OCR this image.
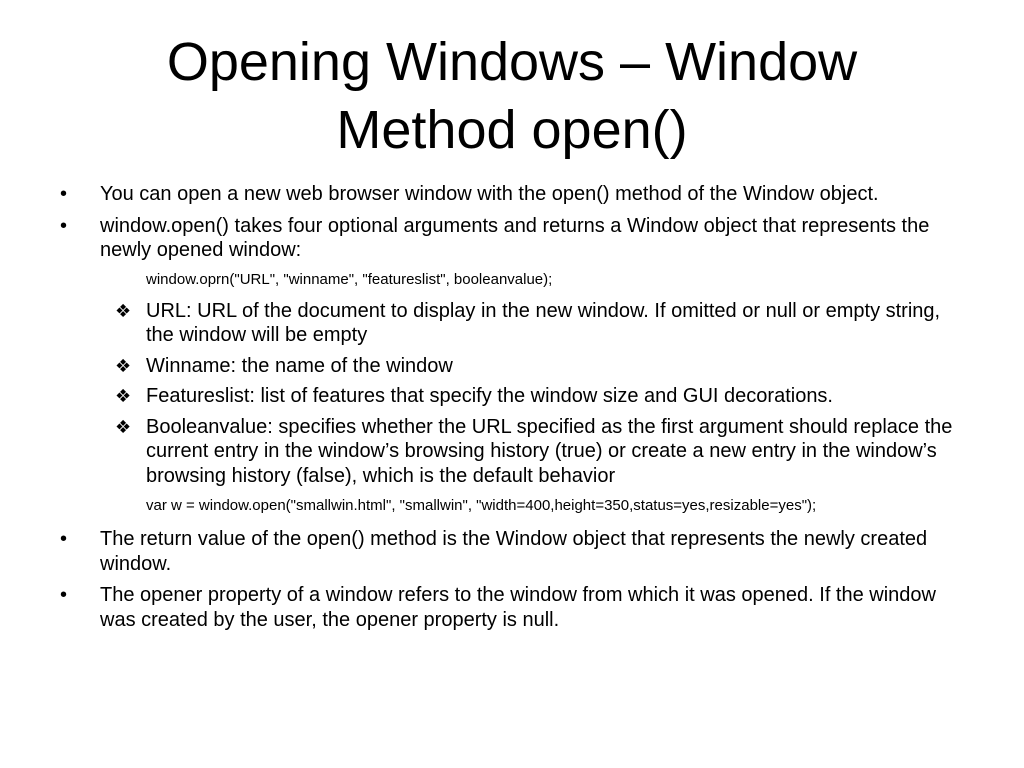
Opening Windows – Window
Method open()
• You can open a new web browser window with the open() method of the Window object.
• window.open() takes four optional arguments and returns a Window object that represents the newly opened window:
window.oprn("URL", "winname", "featureslist", booleanvalue);
❖ URL: URL of the document to display in the new window. If omitted or null or empty string, the window will be empty
❖ Winname: the name of the window
❖ Featureslist: list of features that specify the window size and GUI decorations.
❖ Booleanvalue: specifies whether the URL specified as the first argument should replace the current entry in the window’s browsing history (true) or create a new entry in the window’s browsing history (false), which is the default behavior
var w = window.open("smallwin.html", "smallwin", "width=400,height=350,status=yes,resizable=yes");
• The return value of the open() method is the Window object that represents the newly created window.
• The opener property of a window refers to the window from which it was opened. If the window was created by the user, the opener property is null.
